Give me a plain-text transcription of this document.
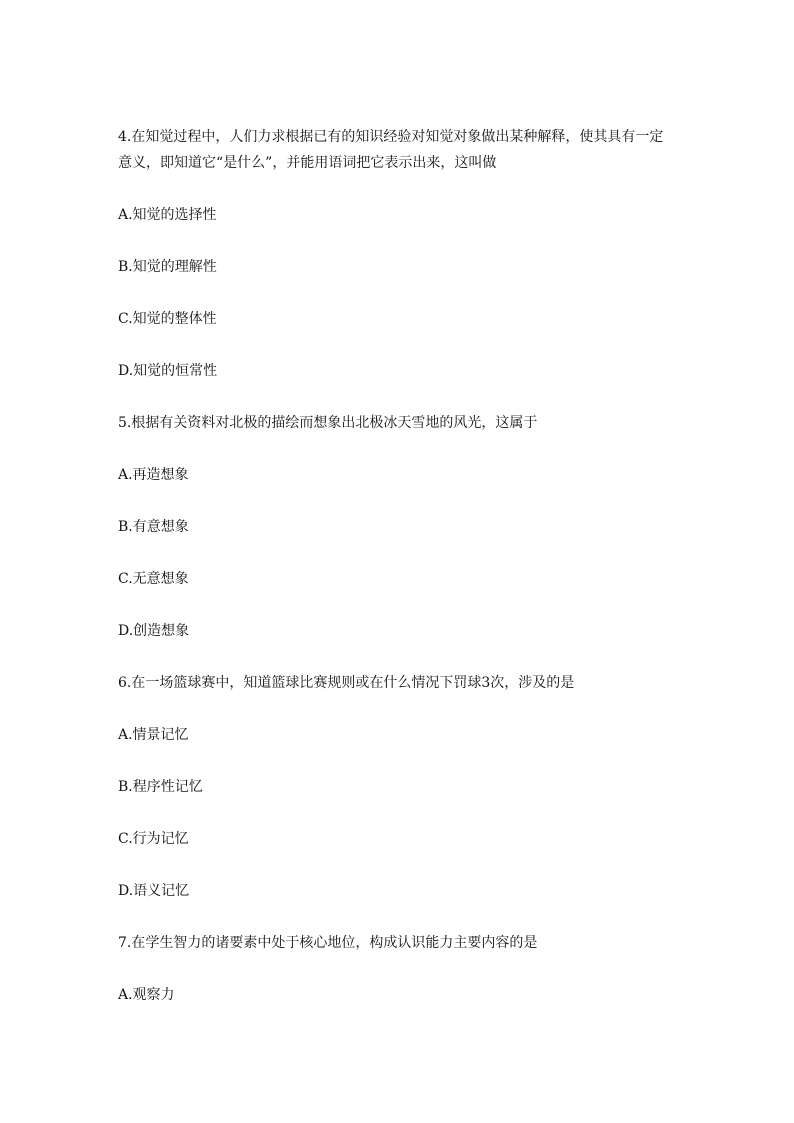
4.在知觉过程中，人们力求根据已有的知识经验对知觉对象做出某种解释，使其具有一定
意义，即知道它“是什么”，并能用语词把它表示出来，这叫做
A.知觉的选择性
B.知觉的理解性
C.知觉的整体性
D.知觉的恒常性
5.根据有关资料对北极的描绘而想象出北极冰天雪地的风光，这属于
A.再造想象
B.有意想象
C.无意想象
D.创造想象
6.在一场篮球赛中，知道篮球比赛规则或在什么情况下罚球3次，涉及的是
A.情景记忆
B.程序性记忆
C.行为记忆
D.语义记忆
7.在学生智力的诸要素中处于核心地位，构成认识能力主要内容的是
A.观察力
